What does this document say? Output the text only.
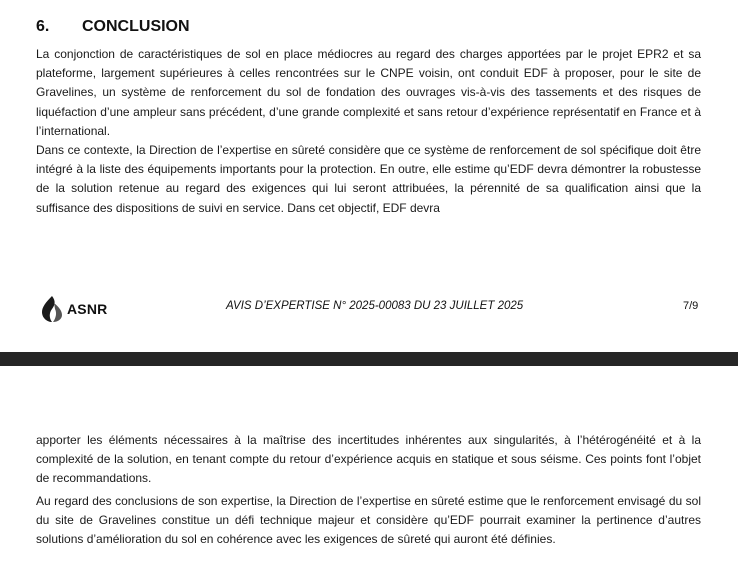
6. CONCLUSION

La conjonction de caractéristiques de sol en place médiocres au regard des charges apportées par le projet EPR2 et sa plateforme, largement supérieures à celles rencontrées sur le CNPE voisin, ont conduit EDF à proposer, pour le site de Gravelines, un système de renforcement du sol de fondation des ouvrages vis-à-vis des tassements et des risques de liquéfaction d’une ampleur sans précédent, d’une grande complexité et sans retour d’expérience représentatif en France et à l’international.

Dans ce contexte, la Direction de l’expertise en sûreté considère que ce système de renforcement de sol spécifique doit être intégré à la liste des équipements importants pour la protection. En outre, elle estime qu’EDF devra démontrer la robustesse de la solution retenue au regard des exigences qui lui seront attribuées, la pérennité de sa qualification ainsi que la suffisance des dispositions de suivi en service. Dans cet objectif, EDF devra

ASNR	AVIS D’EXPERTISE N° 2025-00083 DU 23 JUILLET 2025	7/9

apporter les éléments nécessaires à la maîtrise des incertitudes inhérentes aux singularités, à l’hétérogénéité et à la complexité de la solution, en tenant compte du retour d’expérience acquis en statique et sous séisme. Ces points font l’objet de recommandations.

Au regard des conclusions de son expertise, la Direction de l’expertise en sûreté estime que le renforcement envisagé du sol du site de Gravelines constitue un défi technique majeur et considère qu’EDF pourrait examiner la pertinence d’autres solutions d’amélioration du sol en cohérence avec les exigences de sûreté qui auront été définies.
